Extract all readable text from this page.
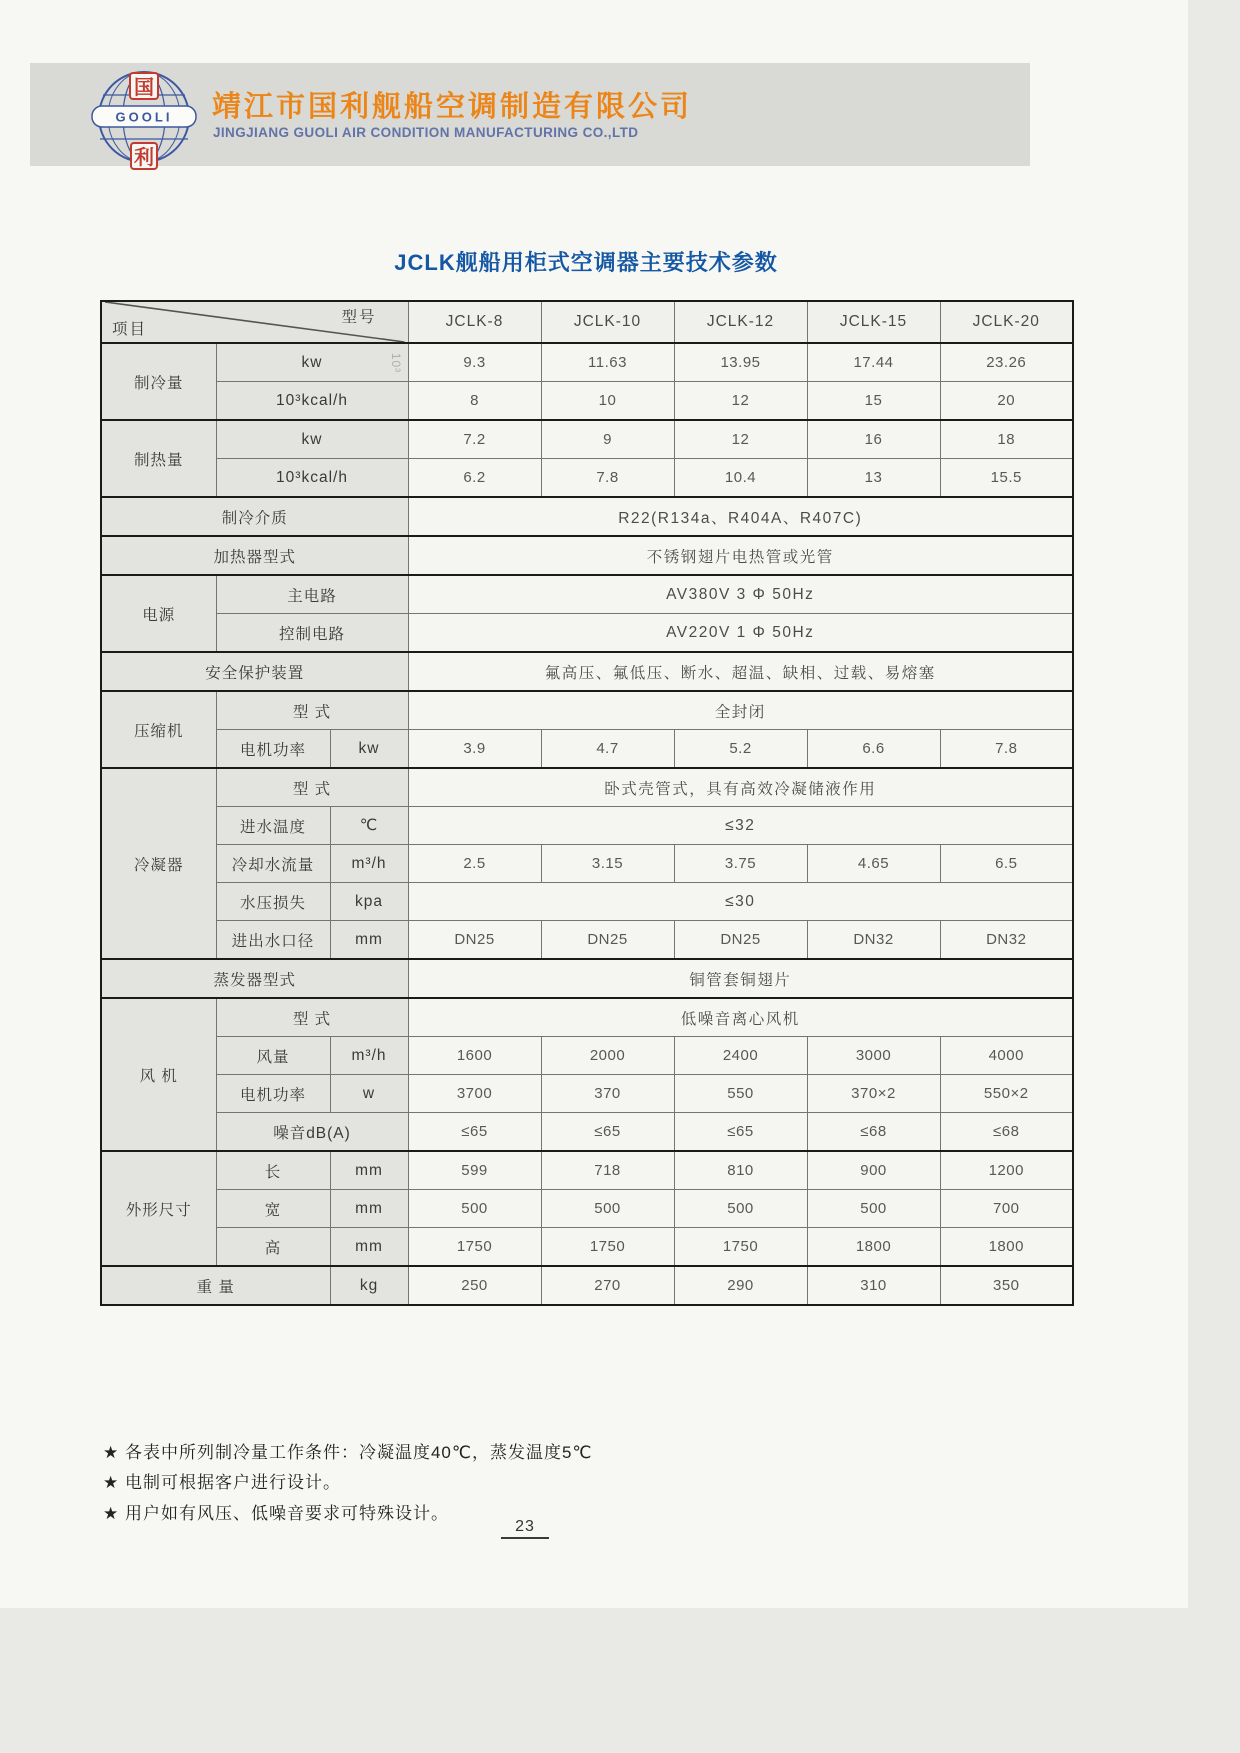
国
GOOLI
利
靖江市国利舰船空调制造有限公司
JINGJIANG GUOLI AIR CONDITION MANUFACTURING CO.,LTD
JCLK舰船用柜式空调器主要技术参数
型号
项目			JCLK-8	JCLK-10	JCLK-12	JCLK-15	JCLK-20
制冷量	kw 10³		9.3	11.63	13.95	17.44	23.26
	10³kcal/h		8	10	12	15	20
制热量	kw		7.2	9	12	16	18
	10³kcal/h		6.2	7.8	10.4	13	15.5
制冷介质			R22(R134a、R404A、R407C)				
加热器型式			不锈钢翅片电热管或光管				
电源	主电路		AV380V 3 Φ 50Hz				
	控制电路		AV220V 1 Φ 50Hz				
安全保护装置			氟高压、氟低压、断水、超温、缺相、过载、易熔塞				
压缩机	型 式		全封闭				
	电机功率	kw	3.9	4.7	5.2	6.6	7.8
冷凝器	型 式		卧式壳管式，具有高效冷凝储液作用				
	进水温度	℃	≤32				
	冷却水流量	m³/h	2.5	3.15	3.75	4.65	6.5
	水压损失	kpa	≤30				
	进出水口径	mm	DN25	DN25	DN25	DN32	DN32
蒸发器型式			铜管套铜翅片				
风 机	型 式		低噪音离心风机				
	风量	m³/h	1600	2000	2400	3000	4000
	电机功率	w	3700	370	550	370×2	550×2
	噪音dB(A)		≤65	≤65	≤65	≤68	≤68
外形尺寸	长	mm	599	718	810	900	1200
	宽	mm	500	500	500	500	700
	高	mm	1750	1750	1750	1800	1800
重 量		kg	250	270	290	310	350
★ 各表中所列制冷量工作条件：冷凝温度40℃，蒸发温度5℃
★ 电制可根据客户进行设计。
★ 用户如有风压、低噪音要求可特殊设计。
23
